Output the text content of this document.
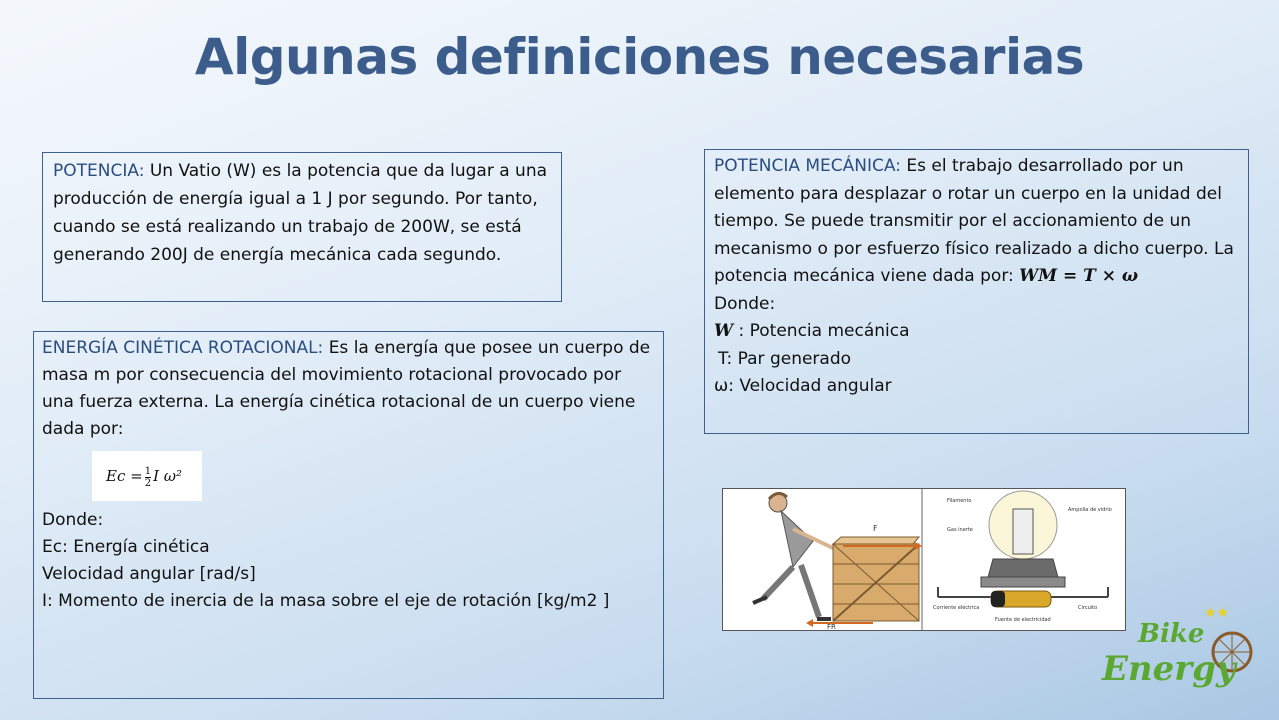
Algunas definiciones necesarias

POTENCIA: Un Vatio (W) es la potencia que da lugar a una producción de energía igual a 1 J por segundo. Por tanto, cuando se está realizando un trabajo de 200W, se está generando 200J de energía mecánica cada segundo.

POTENCIA MECÁNICA: Es el trabajo desarrollado por un elemento para desplazar o rotar un cuerpo en la unidad del tiempo. Se puede transmitir por el accionamiento de un mecanismo o por esfuerzo físico realizado a dicho cuerpo. La potencia mecánica viene dada por: WM = T × ω

Donde:

W : Potencia mecánica

T: Par generado

ω: Velocidad angular

ENERGÍA CINÉTICA ROTACIONAL: Es la energía que posee un cuerpo de masa m por consecuencia del movimiento rotacional provocado por una fuerza externa. La energía cinética rotacional de un cuerpo viene dada por:

$Ec = \frac{1}{2}$ I ω²

Donde:

Ec: Energía cinética

Velocidad angular [rad/s]

I: Momento de inercia de la masa sobre el eje de rotación [kg/m2 ]

F
FR
Filamento
Ampolla de vidrio
Gas inerte
Corriente eléctrica	Circuito
Fuente de electricidad	★★
Bike
Energy
